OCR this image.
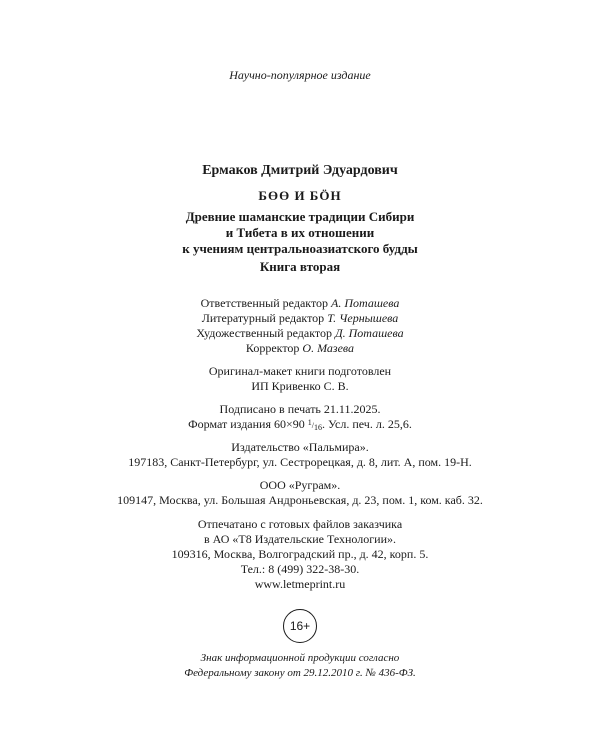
Научно-популярное издание
Ермаков Дмитрий Эдуардович
БӨӨ И БӦН
Древние шаманские традиции Сибири
и Тибета в их отношении
к учениям центральноазиатского будды
Книга вторая
Ответственный редактор А. Поташева
Литературный редактор Т. Чернышева
Художественный редактор Д. Поташева
Корректор О. Мазева
Оригинал-макет книги подготовлен
ИП Кривенко С. В.
Подписано в печать 21.11.2025.
Формат издания 60×90 1/16. Усл. печ. л. 25,6.
Издательство «Пальмира».
197183, Санкт-Петербург, ул. Сестрорецкая, д. 8, лит. А, пом. 19-Н.
ООО «Руграм».
109147, Москва, ул. Большая Андроньевская, д. 23, пом. 1, ком. каб. 32.
Отпечатано с готовых файлов заказчика
в АО «Т8 Издательские Технологии».
109316, Москва, Волгоградский пр., д. 42, корп. 5.
Тел.: 8 (499) 322-38-30.
www.letmeprint.ru
16+
Знак информационной продукции согласно
Федеральному закону от 29.12.2010 г. № 436-ФЗ.
